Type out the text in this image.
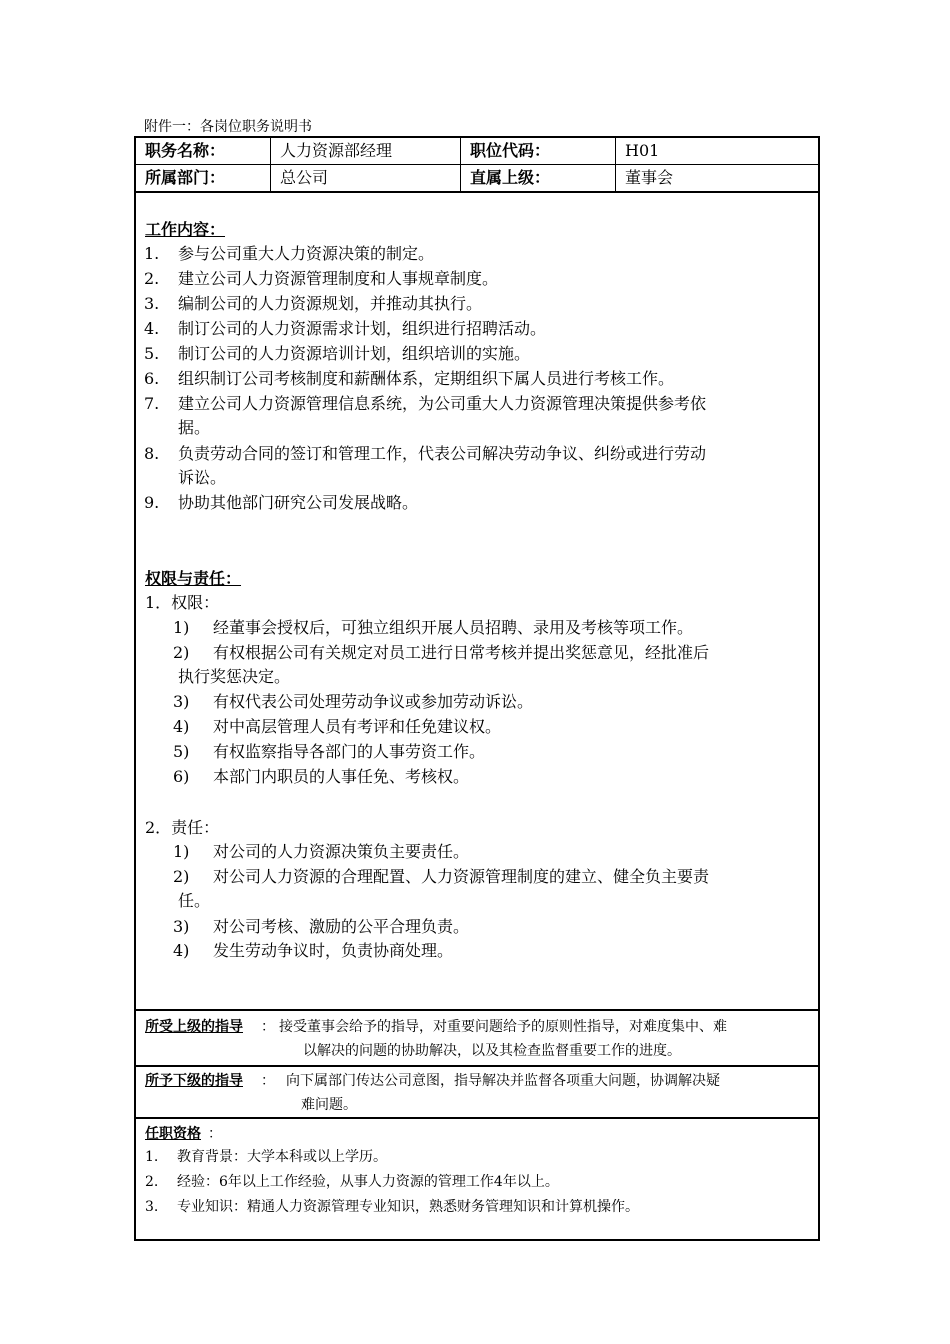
附件一：各岗位职务说明书
职务名称：	人力资源部经理	职位代码：	H01
所属部门：	总公司	直属上级：	董事会
工作内容：
1. 参与公司重大人力资源决策的制定。
2. 建立公司人力资源管理制度和人事规章制度。
3. 编制公司的人力资源规划，并推动其执行。
4. 制订公司的人力资源需求计划，组织进行招聘活动。
5. 制订公司的人力资源培训计划，组织培训的实施。
6. 组织制订公司考核制度和薪酬体系，定期组织下属人员进行考核工作。
7. 建立公司人力资源管理信息系统，为公司重大人力资源管理决策提供参考依
据。
8. 负责劳动合同的签订和管理工作，代表公司解决劳动争议、纠纷或进行劳动
诉讼。
9. 协助其他部门研究公司发展战略。
权限与责任：
1．权限：
1) 经董事会授权后，可独立组织开展人员招聘、录用及考核等项工作。
2) 有权根据公司有关规定对员工进行日常考核并提出奖惩意见，经批准后
执行奖惩决定。
3) 有权代表公司处理劳动争议或参加劳动诉讼。
4) 对中高层管理人员有考评和任免建议权。
5) 有权监察指导各部门的人事劳资工作。
6) 本部门内职员的人事任免、考核权。
2．责任：
1) 对公司的人力资源决策负主要责任。
2) 对公司人力资源的合理配置、人力资源管理制度的建立、健全负主要责
任。
3) 对公司考核、激励的公平合理负责。
4) 发生劳动争议时，负责协商处理。
所受上级的指导 ： 接受董事会给予的指导，对重要问题给予的原则性指导，对难度集中、难
以解决的问题的协助解决，以及其检查监督重要工作的进度。
所予下级的指导 ： 向下属部门传达公司意图，指导解决并监督各项重大问题，协调解决疑
难问题。
任职资格 ：
1. 教育背景：大学本科或以上学历。
2. 经验：6年以上工作经验，从事人力资源的管理工作4年以上。
3. 专业知识：精通人力资源管理专业知识，熟悉财务管理知识和计算机操作。
